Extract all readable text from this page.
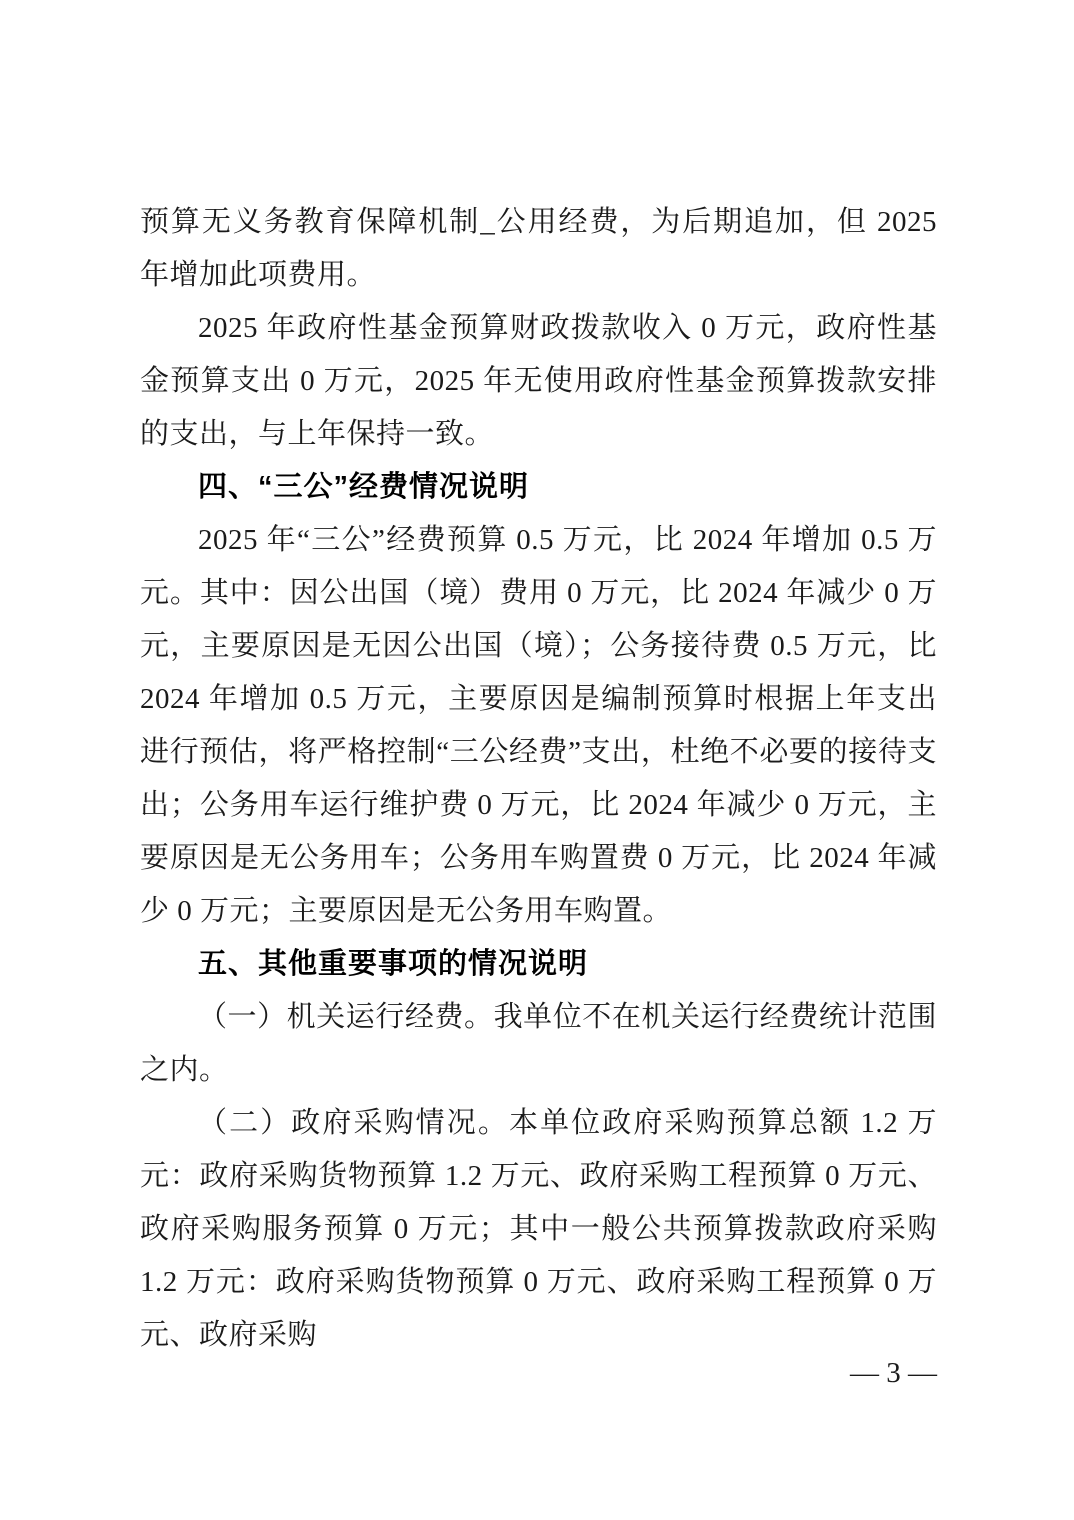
预算无义务教育保障机制_公用经费，为后期追加，但 2025 年增加此项费用。

2025 年政府性基金预算财政拨款收入 0 万元，政府性基金预算支出 0 万元，2025 年无使用政府性基金预算拨款安排的支出，与上年保持一致。

四、“三公”经费情况说明

2025 年“三公”经费预算 0.5 万元，比 2024 年增加 0.5 万元。其中：因公出国（境）费用 0 万元，比 2024 年减少 0 万元，主要原因是无因公出国（境）；公务接待费 0.5 万元，比 2024 年增加 0.5 万元，主要原因是编制预算时根据上年支出进行预估，将严格控制“三公经费”支出，杜绝不必要的接待支出；公务用车运行维护费 0 万元，比 2024 年减少 0 万元，主要原因是无公务用车；公务用车购置费 0 万元，比 2024 年减少 0 万元；主要原因是无公务用车购置。

五、其他重要事项的情况说明

（一）机关运行经费。我单位不在机关运行经费统计范围之内。

（二）政府采购情况。本单位政府采购预算总额 1.2 万元：政府采购货物预算 1.2 万元、政府采购工程预算 0 万元、政府采购服务预算 0 万元；其中一般公共预算拨款政府采购 1.2 万元：政府采购货物预算 0 万元、政府采购工程预算 0 万元、政府采购

— 3 —
